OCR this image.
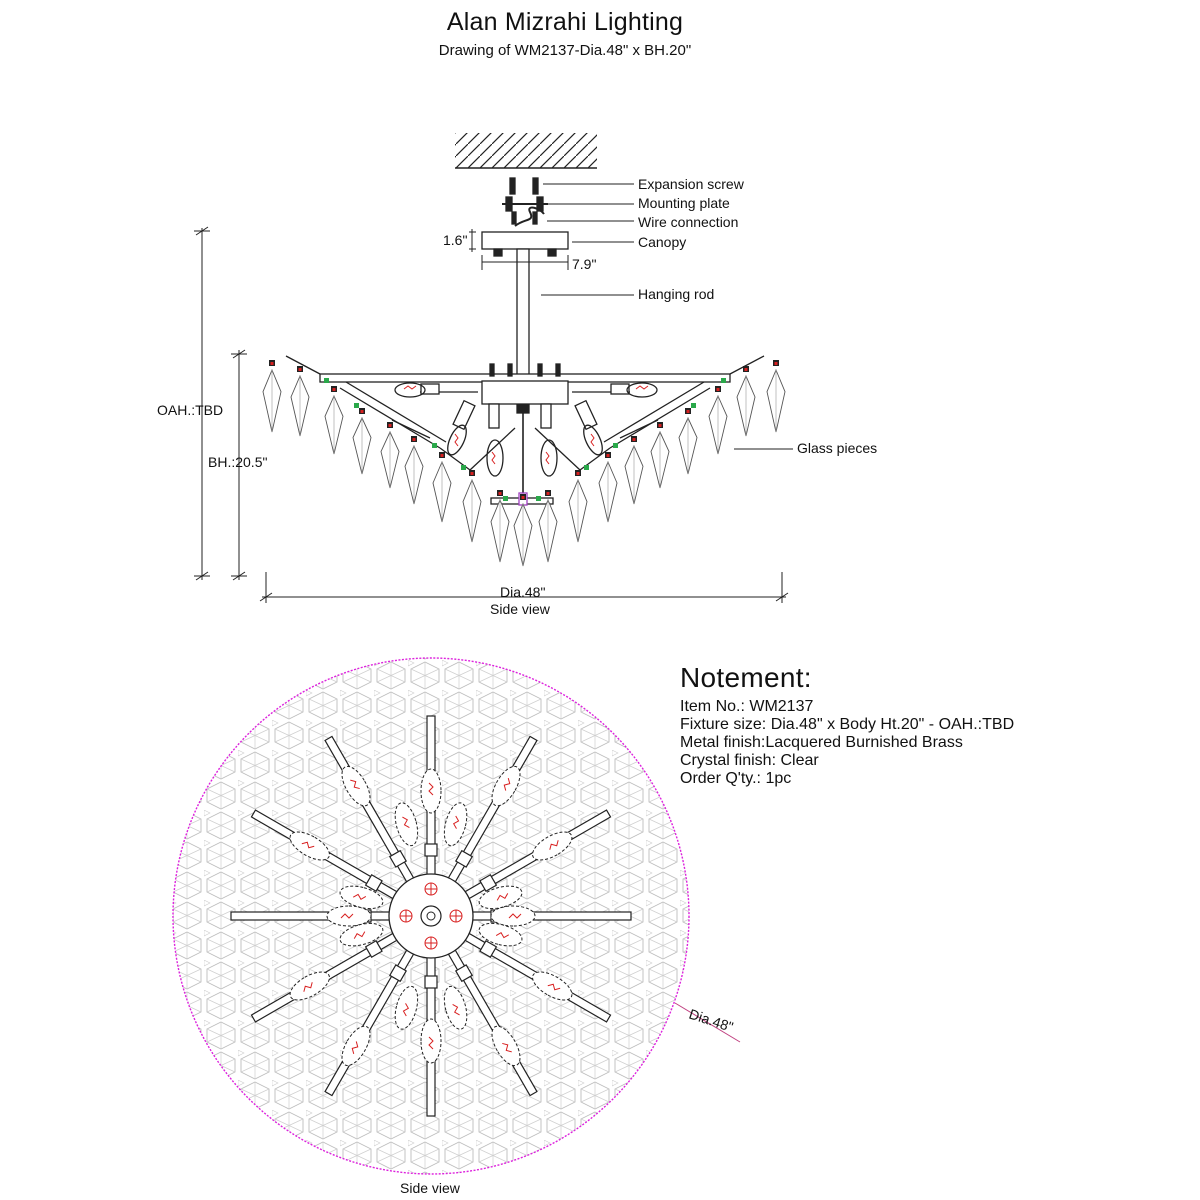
Alan Mizrahi Lighting
Drawing of WM2137-Dia.48" x BH.20"
Expansion screw
Mounting plate
Wire connection
Canopy
Hanging rod
Glass pieces
1.6"
7.9"
OAH.:TBD
BH.:20.5"
Dia.48"
Side view
Dia.48"
Side view
Notement:
Item No.: WM2137
Fixture size: Dia.48" x Body Ht.20" - OAH.:TBD
Metal finish:Lacquered Burnished Brass
Crystal finish: Clear
Order Q'ty.: 1pc
